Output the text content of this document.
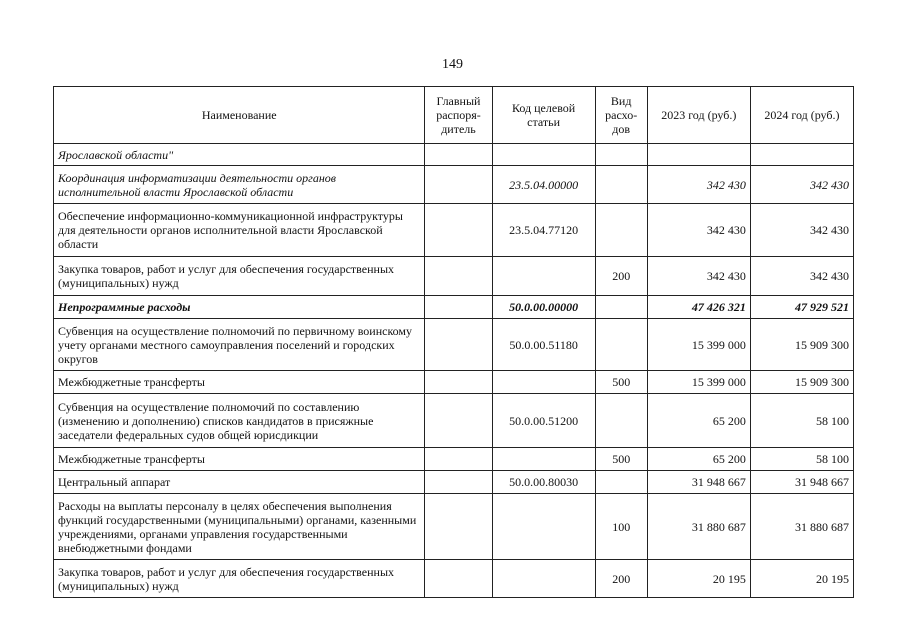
149
Наименование	Главный распоря-дитель	Код целевой статьи	Вид расхо-дов	2023 год (руб.)	2024 год (руб.)
Ярославской области"					
Координация информатизации деятельности органов исполнительной власти Ярославской области		23.5.04.00000		342 430	342 430
Обеспечение информационно-коммуникационной инфраструктуры для деятельности органов исполнительной власти Ярославской области		23.5.04.77120		342 430	342 430
Закупка товаров, работ и услуг для обеспечения государственных (муниципальных) нужд			200	342 430	342 430
Непрограммные расходы		50.0.00.00000		47 426 321	47 929 521
Субвенция на осуществление полномочий по первичному воинскому учету органами местного самоуправления поселений и городских округов		50.0.00.51180		15 399 000	15 909 300
Межбюджетные трансферты			500	15 399 000	15 909 300
Субвенция на осуществление полномочий по составлению (изменению и дополнению) списков кандидатов в присяжные заседатели федеральных судов общей юрисдикции		50.0.00.51200		65 200	58 100
Межбюджетные трансферты			500	65 200	58 100
Центральный аппарат		50.0.00.80030		31 948 667	31 948 667
Расходы на выплаты персоналу в целях обеспечения выполнения функций государственными (муниципальными) органами, казенными учреждениями, органами управления государственными внебюджетными фондами			100	31 880 687	31 880 687
Закупка товаров, работ и услуг для обеспечения государственных (муниципальных) нужд			200	20 195	20 195
